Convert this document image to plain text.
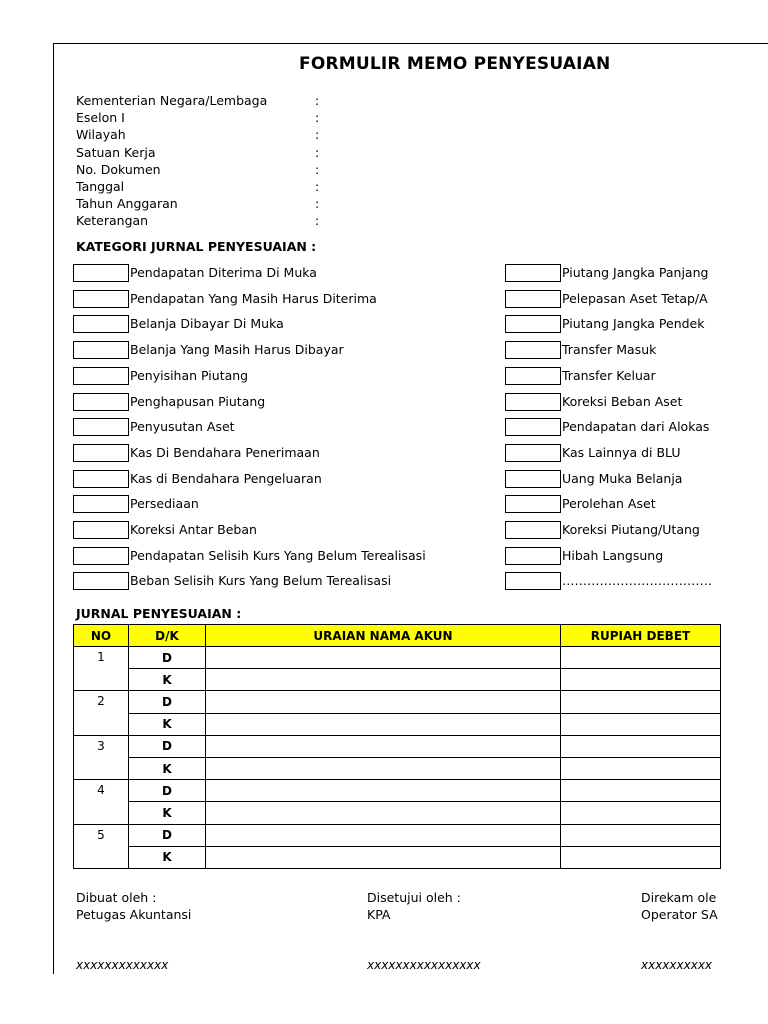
FORMULIR MEMO PENYESUAIAN
Kementerian Negara/Lembaga	:
Eselon I	:
Wilayah	:
Satuan Kerja	:
No. Dokumen	:
Tanggal	:
Tahun Anggaran	:
Keterangan	:
KATEGORI JURNAL PENYESUAIAN :
Pendapatan Diterima Di Muka
Pendapatan Yang Masih Harus Diterima
Belanja Dibayar Di Muka
Belanja Yang Masih Harus Dibayar
Penyisihan Piutang
Penghapusan Piutang
Penyusutan Aset
Kas Di Bendahara Penerimaan
Kas di Bendahara Pengeluaran
Persediaan
Koreksi Antar Beban
Pendapatan Selisih Kurs Yang Belum Terealisasi
Beban Selisih Kurs Yang Belum Terealisasi
Piutang Jangka Panjang
Pelepasan Aset Tetap/A
Piutang Jangka Pendek
Transfer Masuk
Transfer Keluar
Koreksi Beban Aset
Pendapatan dari Alokas
Kas Lainnya di BLU
Uang Muka Belanja
Perolehan Aset
Koreksi Piutang/Utang
Hibah Langsung
………………………………
JURNAL PENYESUAIAN :
NO	D/K	URAIAN NAMA AKUN	RUPIAH DEBET
1	D		
	K		
2	D		
	K		
3	D		
	K		
4	D		
	K		
5	D		
	K		
Dibuat oleh :
Petugas Akuntansi
xxxxxxxxxxxxx
Disetujui oleh :
KPA
xxxxxxxxxxxxxxxx
Direkam ole
Operator SA
xxxxxxxxxx
